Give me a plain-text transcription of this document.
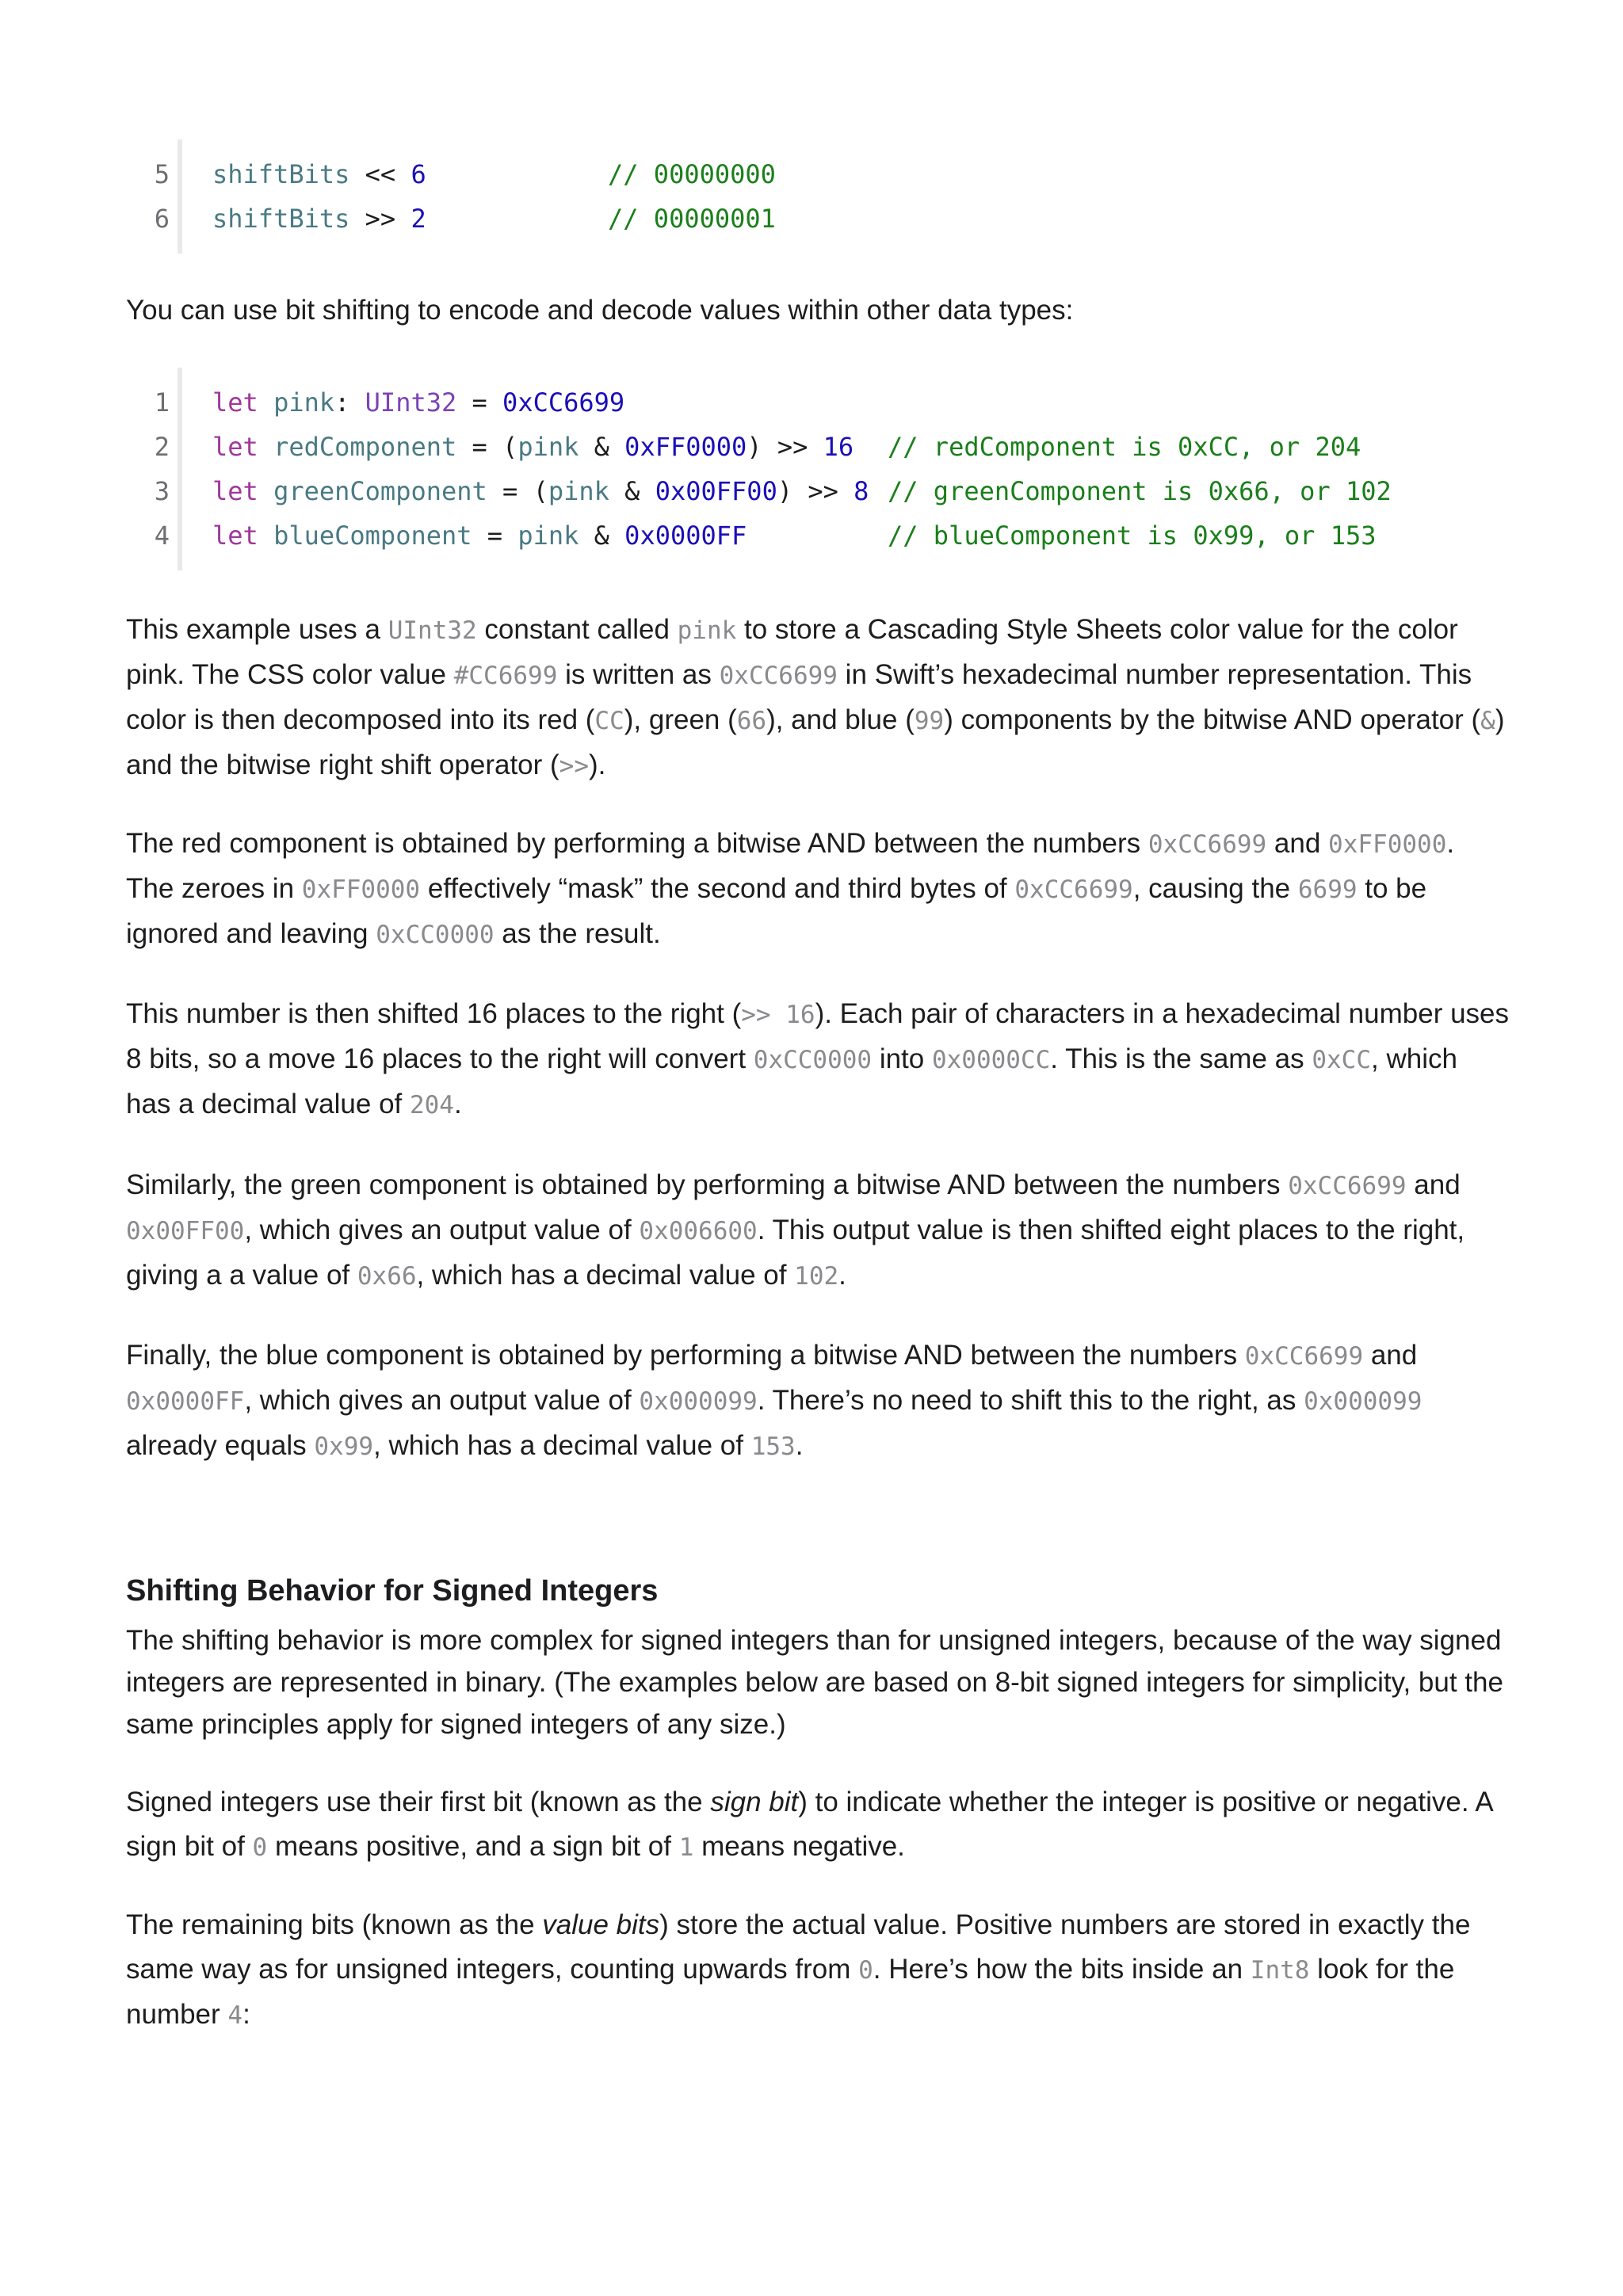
5 shiftBits << 6	// 00000000
6 shiftBits >> 2	// 00000001
You can use bit shifting to encode and decode values within other data types:
1 let pink: UInt32 = 0xCC6699
2 let redComponent = (pink & 0xFF0000) >> 16 // redComponent is 0xCC, or 204
3 let greenComponent = (pink & 0x00FF00) >> 8 // greenComponent is 0x66, or 102
4 let blueComponent = pink & 0x0000FF	// blueComponent is 0x99, or 153
This example uses a UInt32 constant called pink to store a Cascading Style Sheets color value for the color pink. The CSS color value #CC6699 is written as 0xCC6699 in Swift’s hexadecimal number representation. This color is then decomposed into its red (CC), green (66), and blue (99) components by the bitwise AND operator (&) and the bitwise right shift operator (>>).
The red component is obtained by performing a bitwise AND between the numbers 0xCC6699 and 0xFF0000. The zeroes in 0xFF0000 effectively “mask” the second and third bytes of 0xCC6699, causing the 6699 to be ignored and leaving 0xCC0000 as the result.
This number is then shifted 16 places to the right (>> 16). Each pair of characters in a hexadecimal number uses 8 bits, so a move 16 places to the right will convert 0xCC0000 into 0x0000CC. This is the same as 0xCC, which has a decimal value of 204.
Similarly, the green component is obtained by performing a bitwise AND between the numbers 0xCC6699 and 0x00FF00, which gives an output value of 0x006600. This output value is then shifted eight places to the right, giving a a value of 0x66, which has a decimal value of 102.
Finally, the blue component is obtained by performing a bitwise AND between the numbers 0xCC6699 and 0x0000FF, which gives an output value of 0x000099. There’s no need to shift this to the right, as 0x000099 already equals 0x99, which has a decimal value of 153.
Shifting Behavior for Signed Integers
The shifting behavior is more complex for signed integers than for unsigned integers, because of the way signed integers are represented in binary. (The examples below are based on 8-bit signed integers for simplicity, but the same principles apply for signed integers of any size.)
Signed integers use their first bit (known as the sign bit) to indicate whether the integer is positive or negative. A sign bit of 0 means positive, and a sign bit of 1 means negative.
The remaining bits (known as the value bits) store the actual value. Positive numbers are stored in exactly the same way as for unsigned integers, counting upwards from 0. Here’s how the bits inside an Int8 look for the number 4:
